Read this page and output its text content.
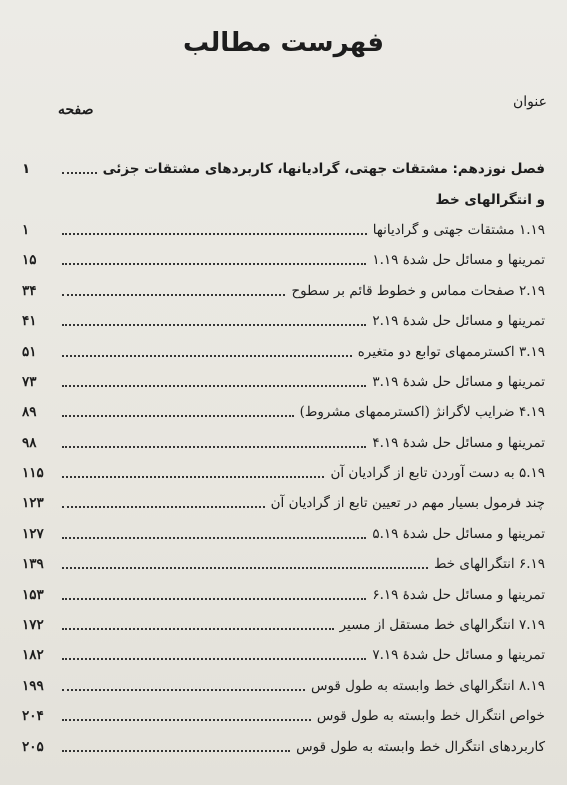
فهرست مطالب
عنوان
صفحه
فصل نوزدهم: مشتقات جهتی، گرادیانها، کاربردهای مشتقات جزئی
۱
و انتگرالهای خط
۱.۱۹ مشتقات جهتی و گرادیانها
۱
تمرینها و مسائل حل شدهٔ ۱.۱۹
۱۵
۲.۱۹ صفحات مماس و خطوط قائم بر سطوح
۳۴
تمرینها و مسائل حل شدهٔ ۲.۱۹
۴۱
۳.۱۹ اکسترممهای توابع دو متغیره
۵۱
تمرینها و مسائل حل شدهٔ ۳.۱۹
۷۳
۴.۱۹ ضرایب لاگرانژ (اکسترممهای مشروط)
۸۹
تمرینها و مسائل حل شدهٔ ۴.۱۹
۹۸
۵.۱۹ به دست آوردن تابع از گرادیان آن
۱۱۵
چند فرمول بسیار مهم در تعیین تابع از گرادیان آن
۱۲۳
تمرینها و مسائل حل شدهٔ ۵.۱۹
۱۲۷
۶.۱۹ انتگرالهای خط
۱۳۹
تمرینها و مسائل حل شدهٔ ۶.۱۹
۱۵۳
۷.۱۹ انتگرالهای خط مستقل از مسیر
۱۷۲
تمرینها و مسائل حل شدهٔ ۷.۱۹
۱۸۲
۸.۱۹ انتگرالهای خط وابسته به طول قوس
۱۹۹
خواص انتگرال خط وابسته به طول قوس
۲۰۴
کاربردهای انتگرال خط وابسته به طول قوس
۲۰۵
